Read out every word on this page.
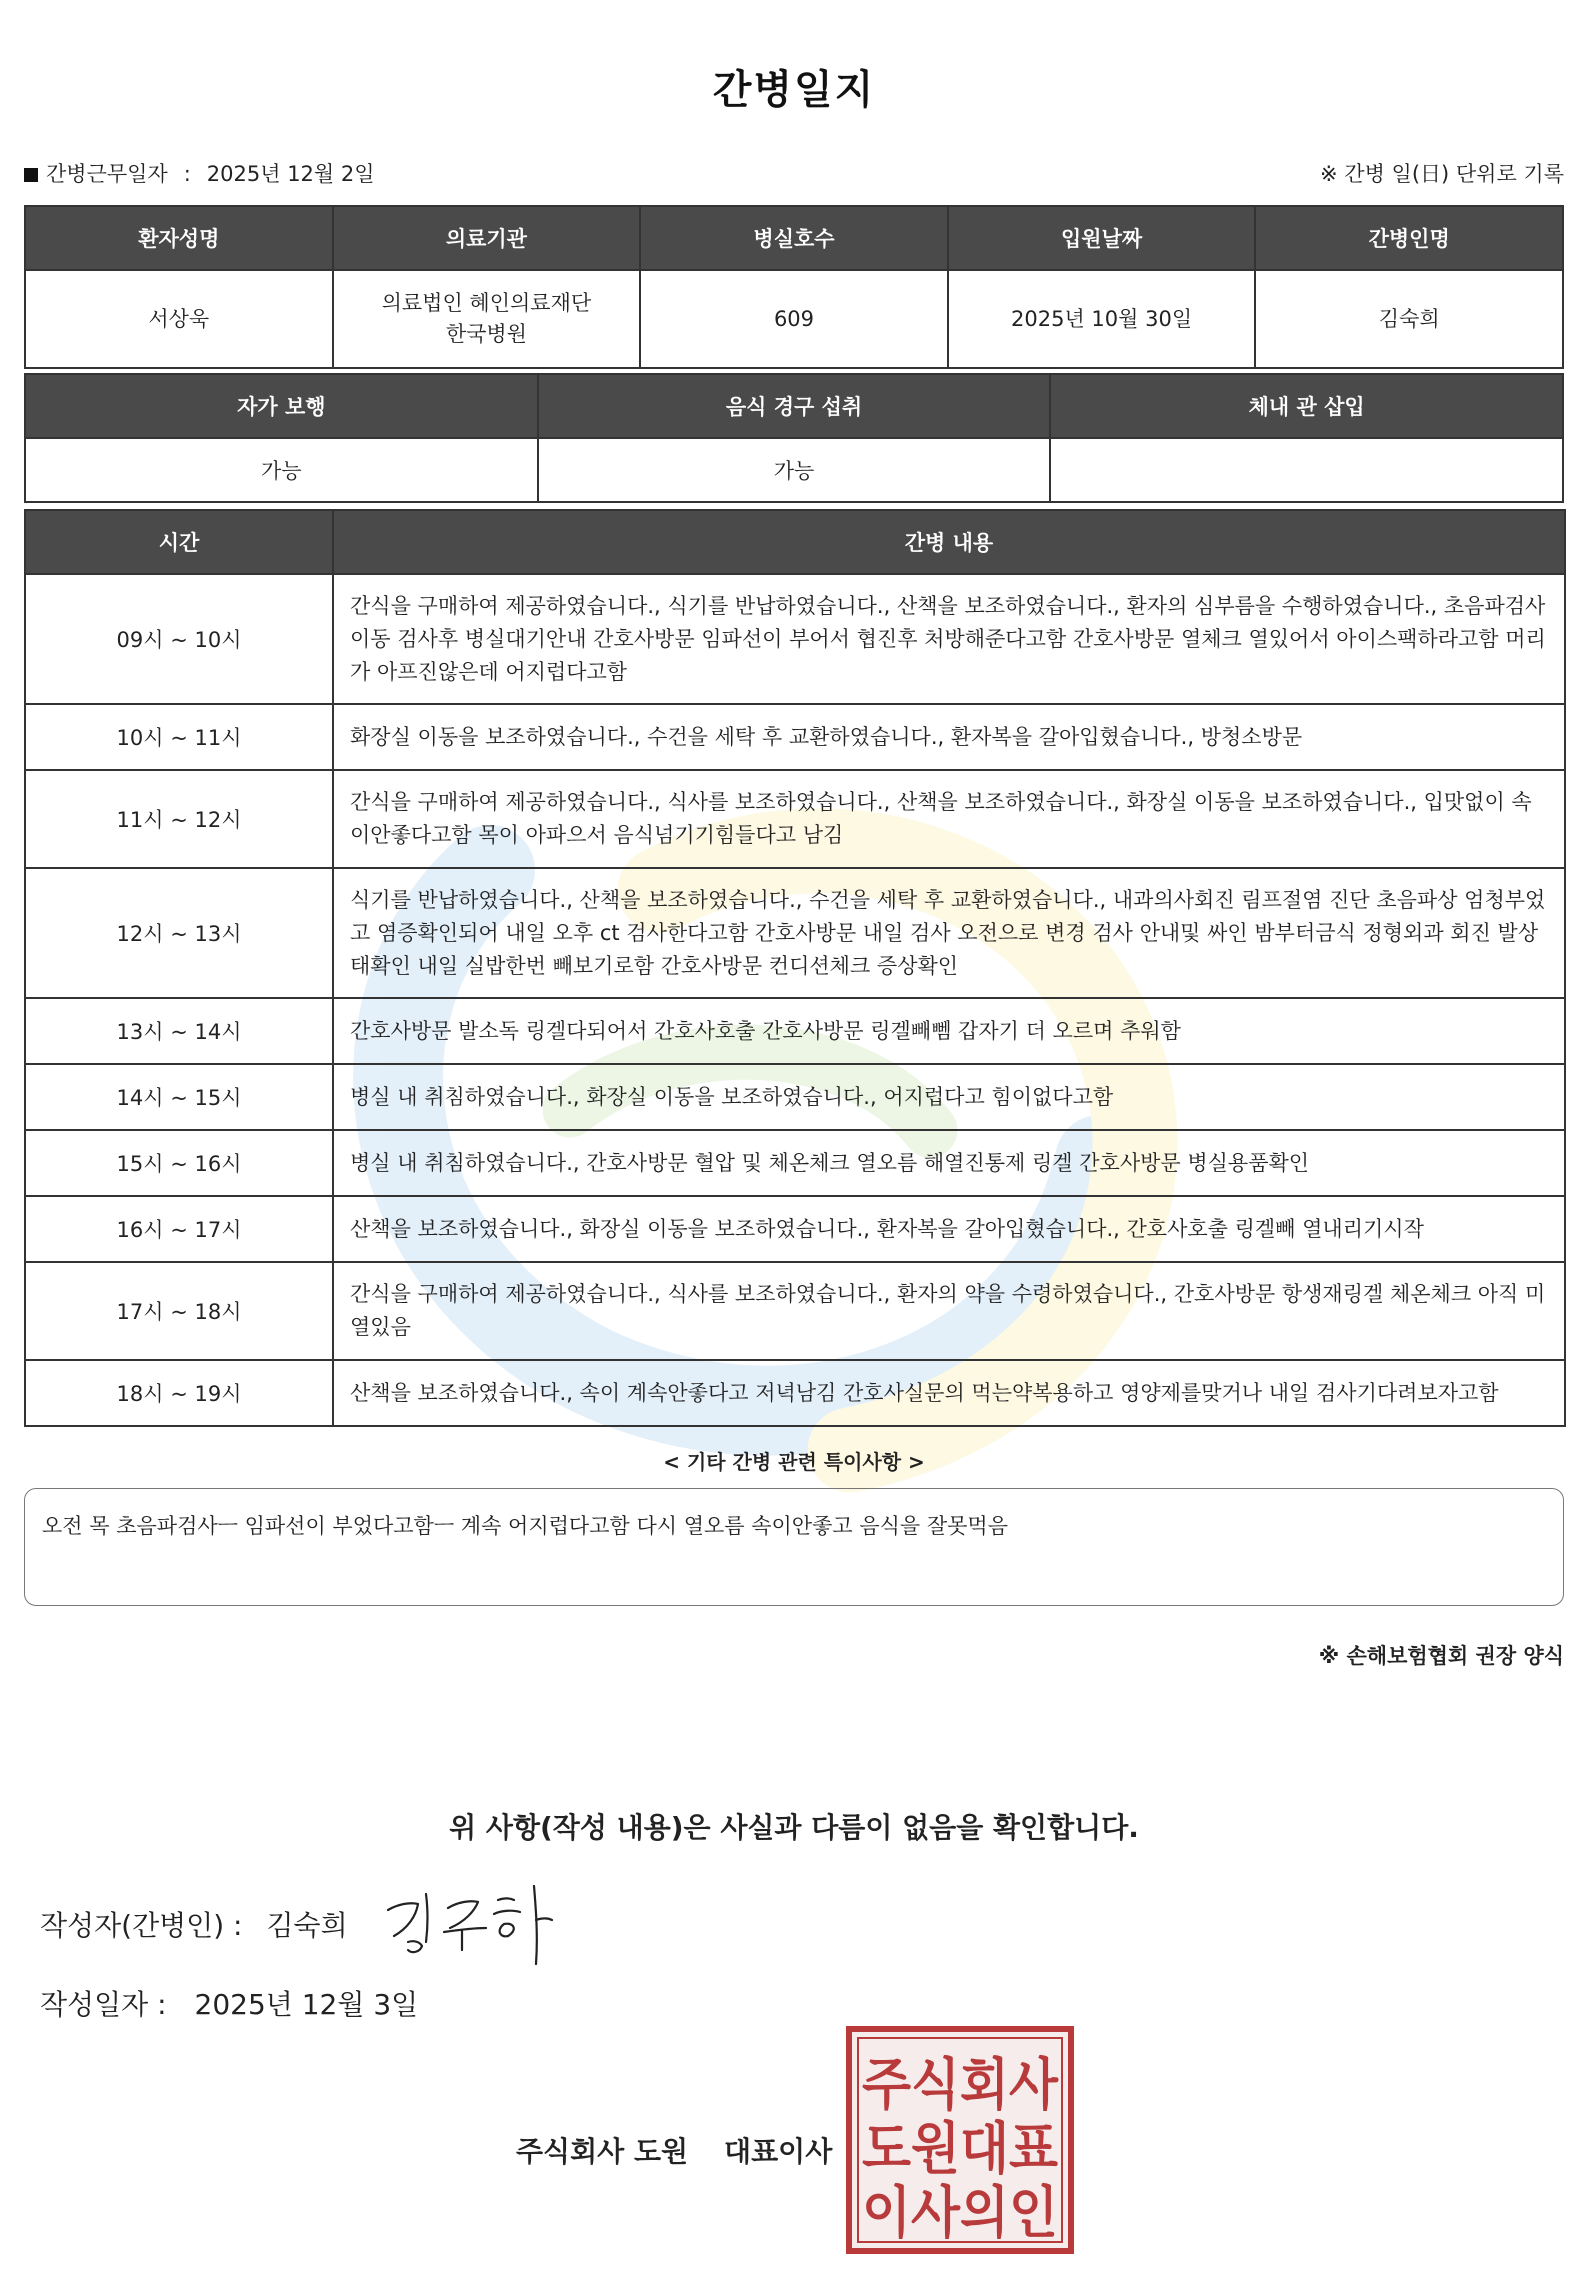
간병일지
간병근무일자 : 2025년 12월 2일	※ 간병 일(日) 단위로 기록
환자성명	의료기관	병실호수	입원날짜	간병인명
서상욱	의료법인 혜인의료재단 한국병원	609	2025년 10월 30일	김숙희
자가 보행	음식 경구 섭취	체내 관 삽입
가능	가능	
시간	간병 내용
09시 ~ 10시	간식을 구매하여 제공하였습니다., 식기를 반납하였습니다., 산책을 보조하였습니다., 환자의 심부름을 수행하였습니다., 초음파검사이동 검사후 병실대기안내 간호사방문 임파선이 부어서 협진후 처방해준다고함 간호사방문 열체크 열있어서 아이스팩하라고함 머리가 아프진않은데 어지럽다고함
10시 ~ 11시	화장실 이동을 보조하였습니다., 수건을 세탁 후 교환하였습니다., 환자복을 갈아입혔습니다., 방청소방문
11시 ~ 12시	간식을 구매하여 제공하였습니다., 식사를 보조하였습니다., 산책을 보조하였습니다., 화장실 이동을 보조하였습니다., 입맛없이 속이안좋다고함 목이 아파으서 음식넘기기힘들다고 남김
12시 ~ 13시	식기를 반납하였습니다., 산책을 보조하였습니다., 수건을 세탁 후 교환하였습니다., 내과의사회진 림프절염 진단 초음파상 엄청부었고 염증확인되어 내일 오후 ct 검사한다고함 간호사방문 내일 검사 오전으로 변경 검사 안내및 싸인 밤부터금식 정형외과 회진 발상태확인 내일 실밥한번 빼보기로함 간호사방문 컨디션체크 증상확인
13시 ~ 14시	간호사방문 발소독 링겔다되어서 간호사호출 간호사방문 링겔빼뻼 갑자기 더 오르며 추워함
14시 ~ 15시	병실 내 취침하였습니다., 화장실 이동을 보조하였습니다., 어지럽다고 힘이없다고함
15시 ~ 16시	병실 내 취침하였습니다., 간호사방문 혈압 및 체온체크 열오름 해열진통제 링겔 간호사방문 병실용품확인
16시 ~ 17시	산책을 보조하였습니다., 화장실 이동을 보조하였습니다., 환자복을 갈아입혔습니다., 간호사호출 링겔빼 열내리기시작
17시 ~ 18시	간식을 구매하여 제공하였습니다., 식사를 보조하였습니다., 환자의 약을 수령하였습니다., 간호사방문 항생재링겔 체온체크 아직 미열있음
18시 ~ 19시	산책을 보조하였습니다., 속이 계속안좋다고 저녁남김 간호사실문의 먹는약복용하고 영양제를맞거나 내일 검사기다려보자고함
< 기타 간병 관련 특이사항 >
오전 목 초음파검사ㅡ 임파선이 부었다고함ㅡ 계속 어지럽다고함 다시 열오름 속이안좋고 음식을 잘못먹음
※ 손해보험협회 권장 양식
위 사항(작성 내용)은 사실과 다름이 없음을 확인합니다.
작성자(간병인) : 김숙희
작성일자 : 2025년 12월 3일
주식회사 도원 대표이사
주식회사
도원대표
이사의인
